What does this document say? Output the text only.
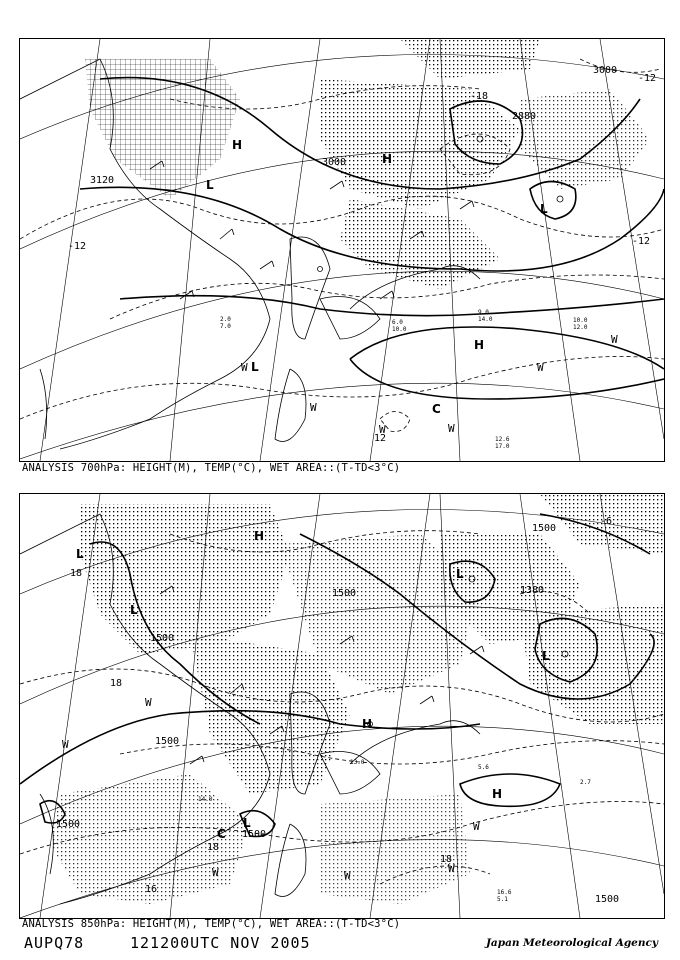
3120
3000
2880
3000
-12
-18
-12
-12
12
H
H
H
L
L
L
C
W
W
W
W
W
W
12.6
17.0
10.0
12.0
9.0
14.0
6.0
10.0
2.0
7.0
ANALYSIS 700hPa: HEIGHT(M), TEMP(°C), WET AREA::(T-TD<3°C)
1500
1500
1500
1500
1500
1500
1380
1500
18
18
18
18
16
-6
H
H
H
L
L
L
L
L
C
W
W
W	W
W
W
16.6
5.1
14.0
13.0
5.6
2.7
ANALYSIS 850hPa: HEIGHT(M), TEMP(°C), WET AREA::(T-TD<3°C)
AUPQ78	121200UTC NOV 2005	Japan Meteorological Agency
